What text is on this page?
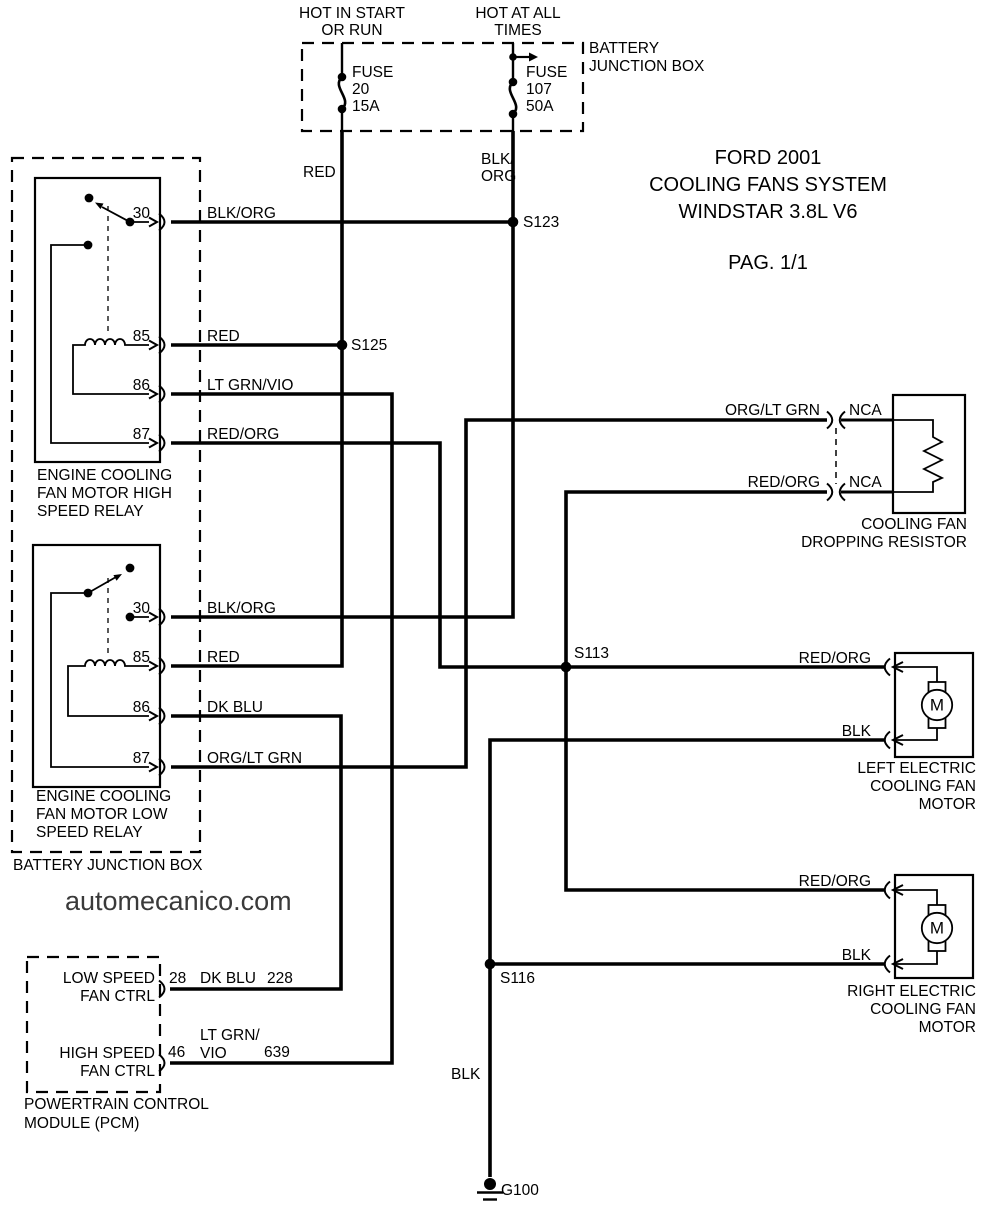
M
M
HOT IN START
OR RUN
HOT AT ALL
TIMES
BATTERY
JUNCTION BOX
FUSE
20
15A
FUSE
107
50A
RED
BLK/
ORG
FORD 2001
COOLING FANS SYSTEM
WINDSTAR 3.8L V6
PAG. 1/1
S123
S125
S113
S116
30
85
86
87
BLK/ORG
RED
LT GRN/VIO
RED/ORG
ENGINE COOLING
FAN MOTOR HIGH
SPEED RELAY
30
85
86
87
BLK/ORG
RED
DK BLU
ORG/LT GRN
ENGINE COOLING
FAN MOTOR LOW
SPEED RELAY
BATTERY JUNCTION BOX
automecanico.com
LOW SPEED
FAN CTRL
28 DK BLU 228
HIGH SPEED
FAN CTRL
46
LT GRN/
VIO	639
POWERTRAIN CONTROL
MODULE (PCM)
ORG/LT GRN NCA
RED/ORG NCA
COOLING FAN
DROPPING RESISTOR
RED/ORG
BLK
LEFT ELECTRIC
COOLING FAN
MOTOR
RED/ORG
BLK
RIGHT ELECTRIC
COOLING FAN
MOTOR
BLK
G100
